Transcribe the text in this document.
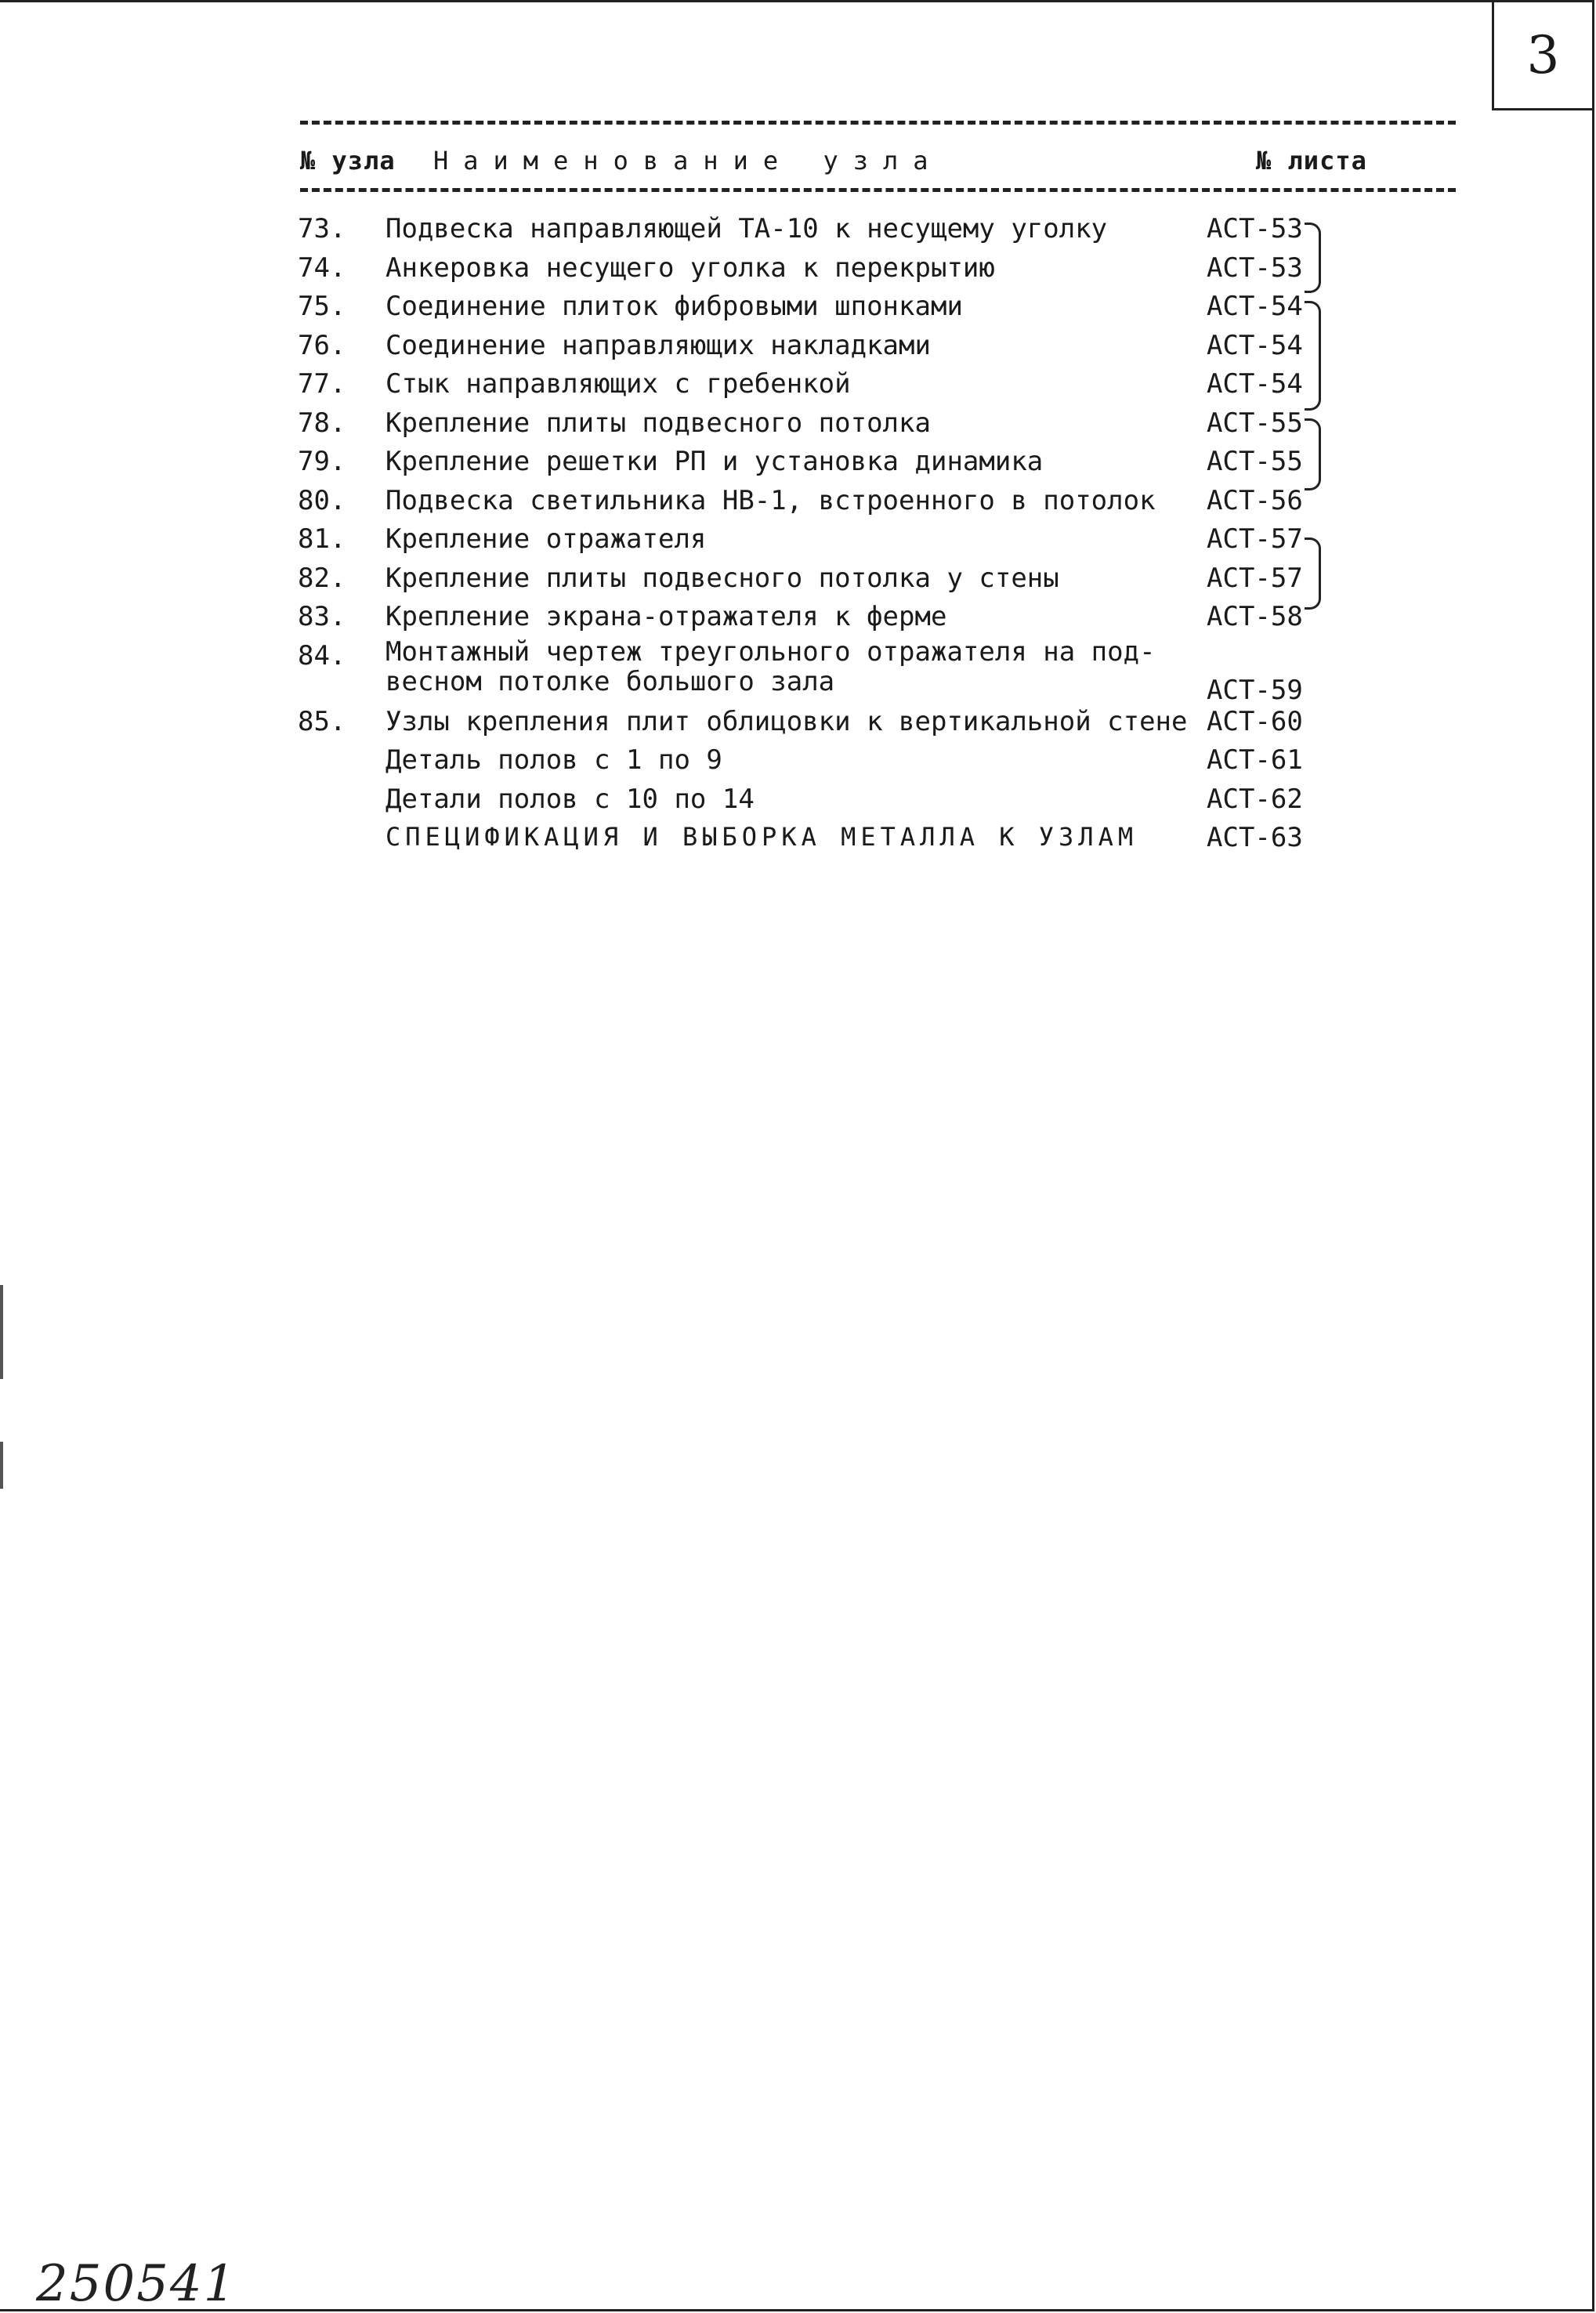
3
№ узла Наименование узла	№ листа
73.	Подвеска направляющей ТА-10 к несущему уголку	АСТ-53
74.	Анкеровка несущего уголка к перекрытию	АСТ-53
75.	Соединение плиток фибровыми шпонками	АСТ-54
76.	Соединение направляющих накладками	АСТ-54
77.	Стык направляющих с гребенкой	АСТ-54
78.	Крепление плиты подвесного потолка	АСТ-55
79.	Крепление решетки РП и установка динамика	АСТ-55
80.	Подвеска светильника НВ-1, встроенного в потолок АСТ-56
81.	Крепление отражателя	АСТ-57
82.	Крепление плиты подвесного потолка у стены	АСТ-57
83.	Крепление экрана-отражателя к ферме	АСТ-58
84.	Монтажный чертеж треугольного отражателя на под-
весном потолке большого зала	АСТ-59
85.	Узлы крепления плит облицовки к вертикальной стене АСТ-60
Деталь полов с 1 по 9	АСТ-61
Детали полов с 10 по 14	АСТ-62
СПЕЦИФИКАЦИЯ И ВЫБОРКА МЕТАЛЛА К УЗЛАМ	АСТ-63
250541
